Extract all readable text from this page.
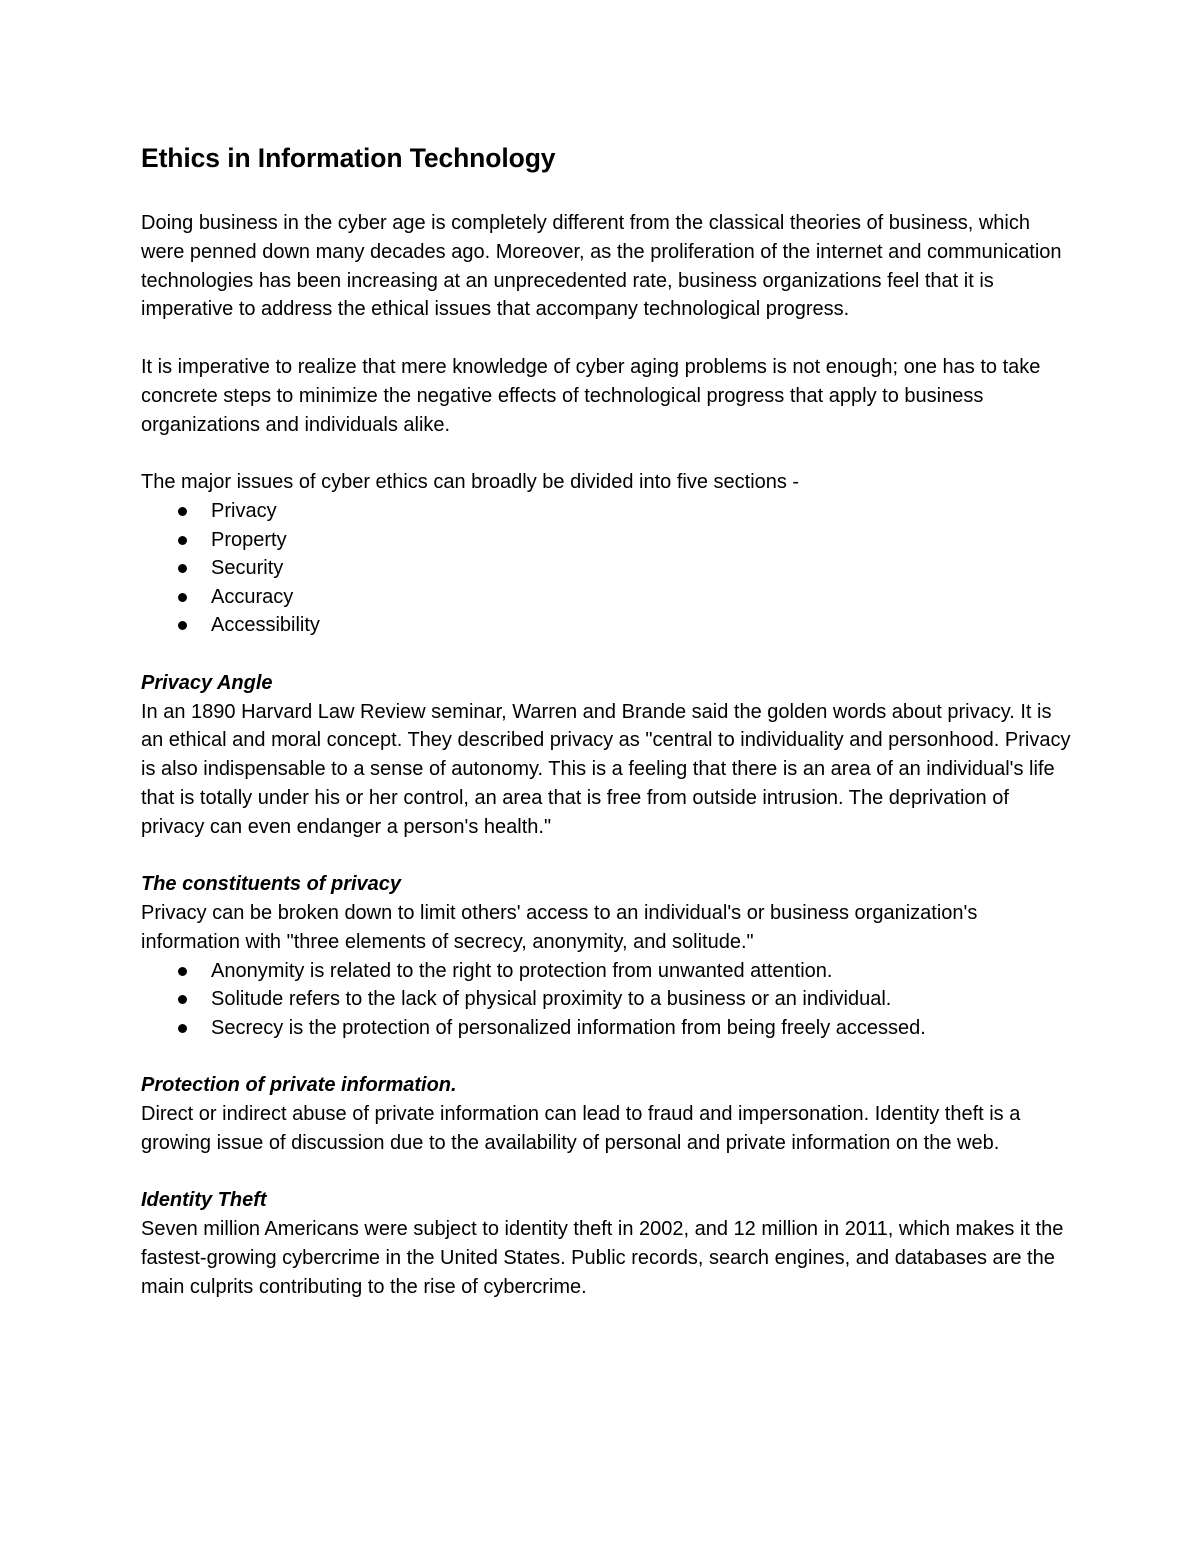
Ethics in Information Technology

Doing business in the cyber age is completely different from the classical theories of business, which were penned down many decades ago. Moreover, as the proliferation of the internet and communication technologies has been increasing at an unprecedented rate, business organizations feel that it is imperative to address the ethical issues that accompany technological progress.

It is imperative to realize that mere knowledge of cyber aging problems is not enough; one has to take concrete steps to minimize the negative effects of technological progress that apply to business organizations and individuals alike.

The major issues of cyber ethics can broadly be divided into five sections -

Privacy
Property
Security
Accuracy
Accessibility

Privacy Angle

In an 1890 Harvard Law Review seminar, Warren and Brande said the golden words about privacy. It is an ethical and moral concept. They described privacy as "central to individuality and personhood. Privacy is also indispensable to a sense of autonomy. This is a feeling that there is an area of an individual's life that is totally under his or her control, an area that is free from outside intrusion. The deprivation of privacy can even endanger a person's health."

The constituents of privacy

Privacy can be broken down to limit others' access to an individual's or business organization's information with "three elements of secrecy, anonymity, and solitude."

Anonymity is related to the right to protection from unwanted attention.
Solitude refers to the lack of physical proximity to a business or an individual.
Secrecy is the protection of personalized information from being freely accessed.

Protection of private information.

Direct or indirect abuse of private information can lead to fraud and impersonation. Identity theft is a growing issue of discussion due to the availability of personal and private information on the web.

Identity Theft

Seven million Americans were subject to identity theft in 2002, and 12 million in 2011, which makes it the fastest-growing cybercrime in the United States. Public records, search engines, and databases are the main culprits contributing to the rise of cybercrime.
